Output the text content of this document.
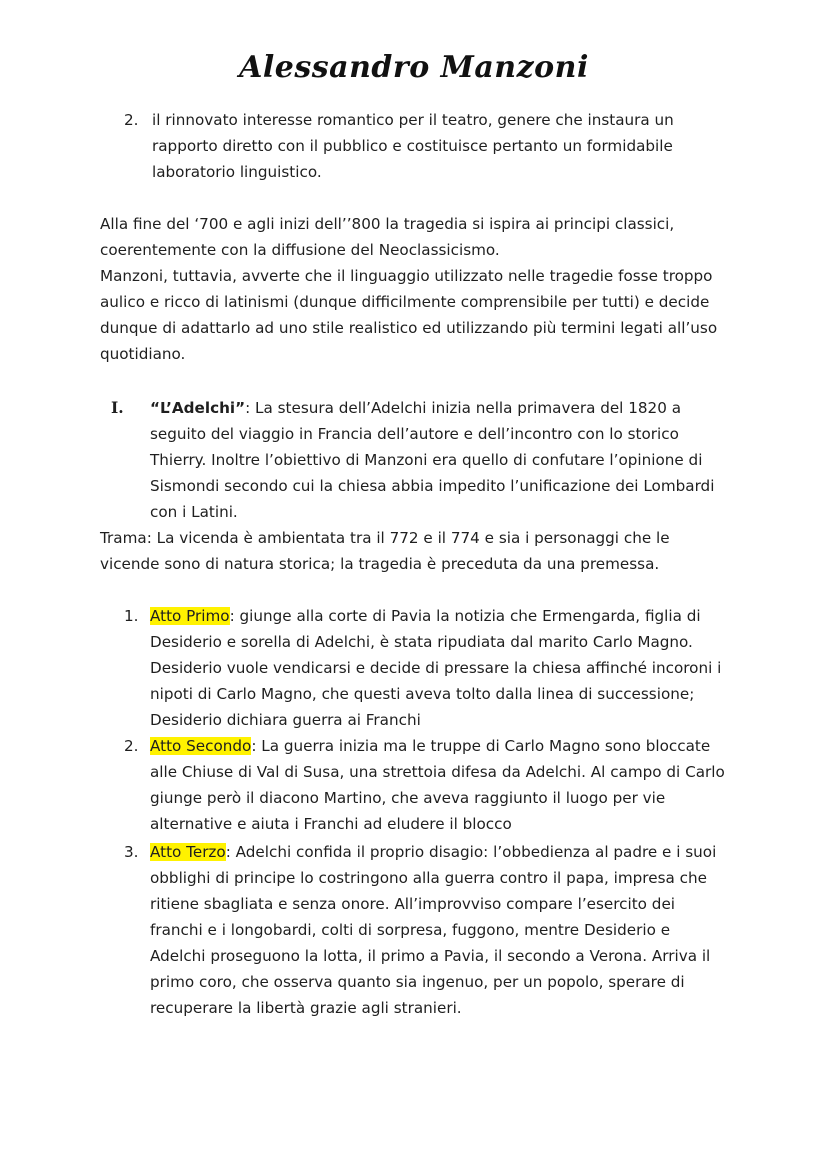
Alessandro Manzoni
2. il rinnovato interesse romantico per il teatro, genere che instaura un rapporto diretto con il pubblico e costituisce pertanto un formidabile laboratorio linguistico.
Alla fine del ‘700 e agli inizi dell’’800 la tragedia si ispira ai principi classici, coerentemente con la diffusione del Neoclassicismo.
Manzoni, tuttavia, avverte che il linguaggio utilizzato nelle tragedie fosse troppo aulico e ricco di latinismi (dunque difficilmente comprensibile per tutti) e decide dunque di adattarlo ad uno stile realistico ed utilizzando più termini legati all’uso quotidiano.
I.	“L’Adelchi”: La stesura dell’Adelchi inizia nella primavera del 1820 a seguito del viaggio in Francia dell’autore e dell’incontro con lo storico Thierry. Inoltre l’obiettivo di Manzoni era quello di confutare l’opinione di Sismondi secondo cui la chiesa abbia impedito l’unificazione dei Lombardi con i Latini.
Trama: La vicenda è ambientata tra il 772 e il 774 e sia i personaggi che le vicende sono di natura storica; la tragedia è preceduta da una premessa.
1. Atto Primo: giunge alla corte di Pavia la notizia che Ermengarda, figlia di Desiderio e sorella di Adelchi, è stata ripudiata dal marito Carlo Magno. Desiderio vuole vendicarsi e decide di pressare la chiesa affinché incoroni i nipoti di Carlo Magno, che questi aveva tolto dalla linea di successione; Desiderio dichiara guerra ai Franchi
2. Atto Secondo: La guerra inizia ma le truppe di Carlo Magno sono bloccate alle Chiuse di Val di Susa, una strettoia difesa da Adelchi. Al campo di Carlo giunge però il diacono Martino, che aveva raggiunto il luogo per vie alternative e aiuta i Franchi ad eludere il blocco
3. Atto Terzo: Adelchi confida il proprio disagio: l’obbedienza al padre e i suoi obblighi di principe lo costringono alla guerra contro il papa, impresa che ritiene sbagliata e senza onore. All’improvviso compare l’esercito dei franchi e i longobardi, colti di sorpresa, fuggono, mentre Desiderio e Adelchi proseguono la lotta, il primo a Pavia, il secondo a Verona. Arriva il primo coro, che osserva quanto sia ingenuo, per un popolo, sperare di recuperare la libertà grazie agli stranieri.
